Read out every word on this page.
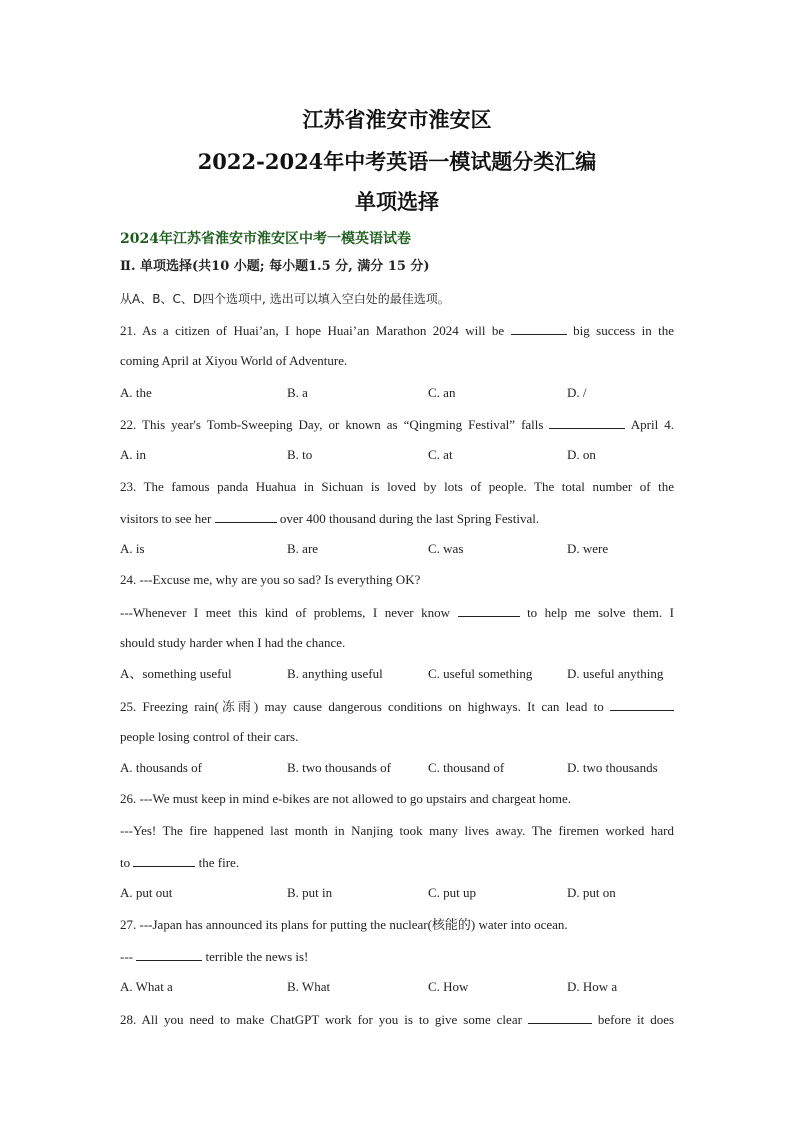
江苏省淮安市淮安区
2022-2024年中考英语一模试题分类汇编
单项选择
2024年江苏省淮安市淮安区中考一模英语试卷
Ⅱ. 单项选择(共10 小题; 每小题1.5 分, 满分 15 分)
从A、B、C、D四个选项中, 选出可以填入空白处的最佳选项。
21. As a citizen of Huai’an, I hope Huai’an Marathon 2024 will be	big success in the
coming April at Xiyou World of Adventure.
A. the	B. a	C. an	D. /
22. This year's Tomb-Sweeping Day, or known as “Qingming Festival” falls	April 4.
A. in	B. to	C. at	D. on
23. The famous panda Huahua in Sichuan is loved by lots of people. The total number of the
visitors to see her	over 400 thousand during the last Spring Festival.
A. is	B. are	C. was	D. were
24. ---Excuse me, why are you so sad? Is everything OK?
---Whenever I meet this kind of problems, I never know	to help me solve them. I
should study harder when I had the chance.
A、something useful	B. anything useful	C. useful something	D. useful anything
25. Freezing rain(冻雨) may cause dangerous conditions on highways. It can lead to
people losing control of their cars.
A. thousands of	B. two thousands of	C. thousand of	D. two thousands
26. ---We must keep in mind e-bikes are not allowed to go upstairs and chargeat home.
---Yes! The fire happened last month in Nanjing took many lives away. The firemen worked hard
to	the fire.
A. put out	B. put in	C. put up	D. put on
27. ---Japan has announced its plans for putting the nuclear(核能的) water into ocean.
---	terrible the news is!
A. What a	B. What	C. How	D. How a
28. All you need to make ChatGPT work for you is to give some clear	before it does
